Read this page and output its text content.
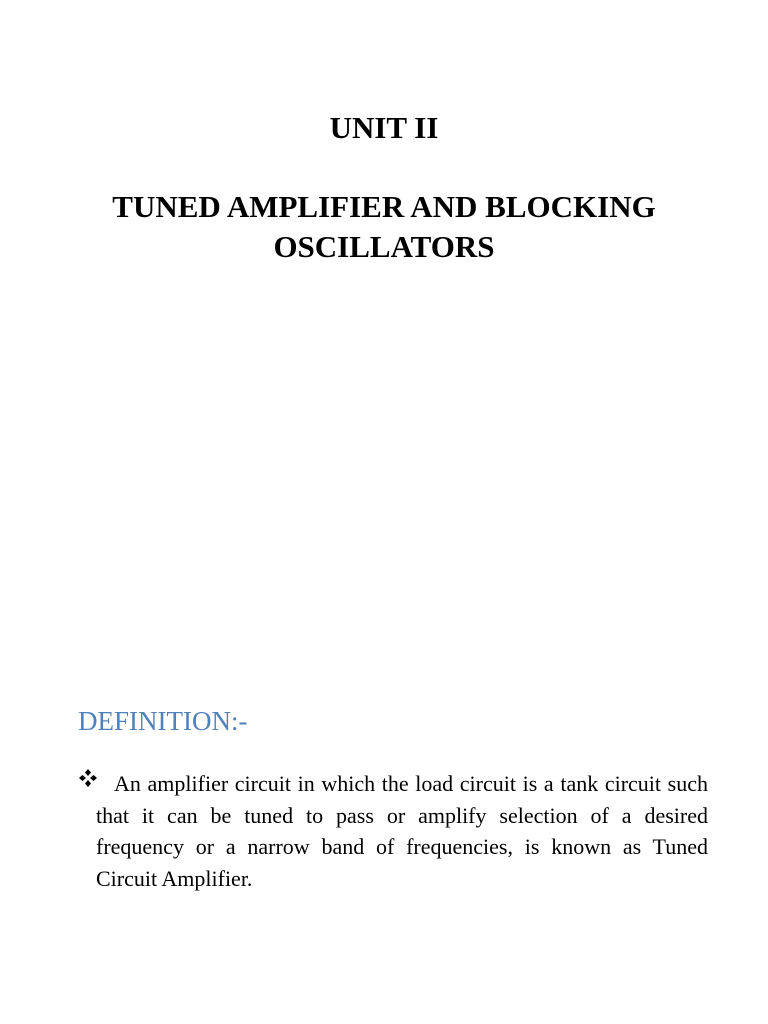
UNIT II
TUNED AMPLIFIER AND BLOCKING OSCILLATORS
DEFINITION:-

An amplifier circuit in which the load circuit is a tank circuit such that it can be tuned to pass or amplify selection of a desired frequency or a narrow band of frequencies, is known as Tuned Circuit Amplifier.
